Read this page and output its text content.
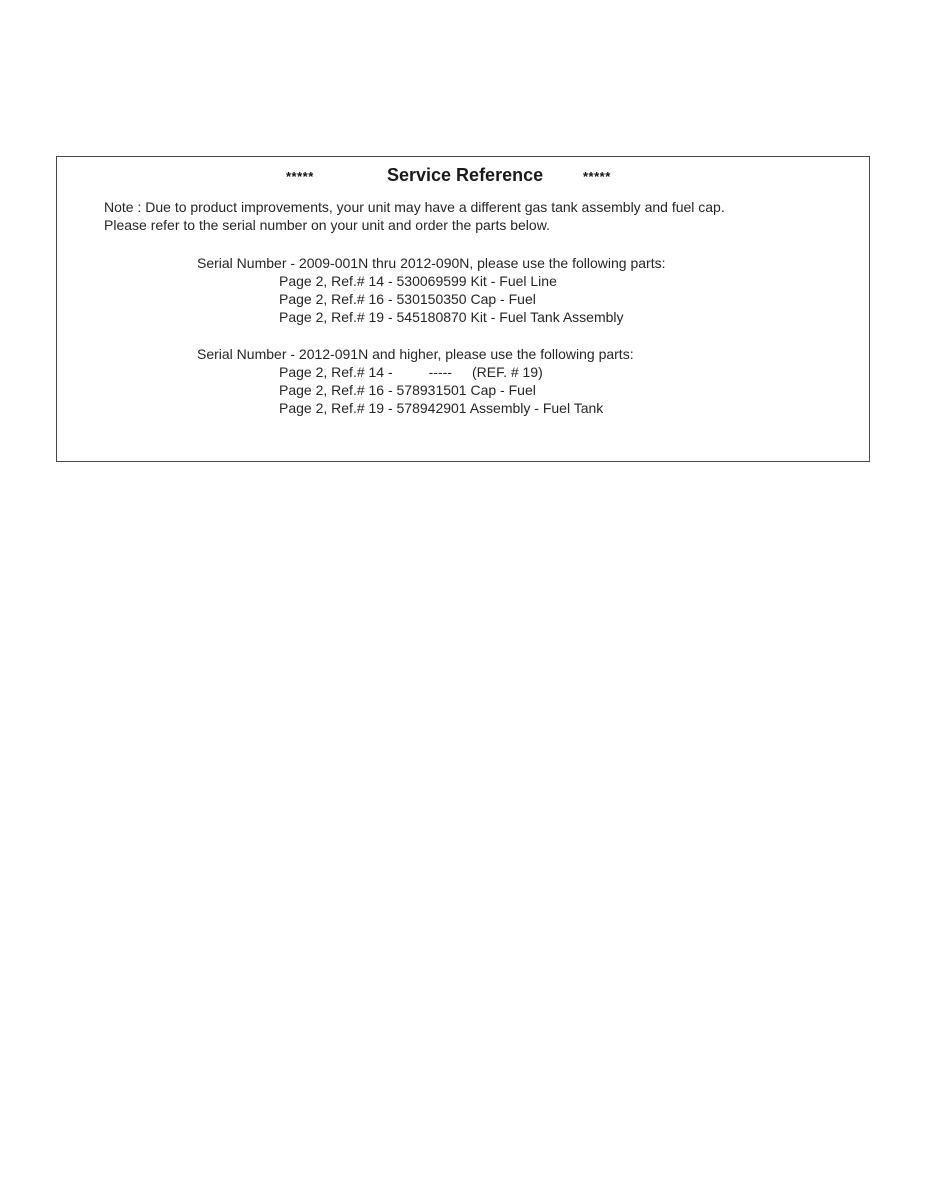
*****	Service Reference	*****
Note : Due to product improvements, your unit may have a different gas tank assembly and fuel cap.
Please refer to the serial number on your unit and order the parts below.
Serial Number - 2009-001N thru 2012-090N, please use the following parts:
Page 2, Ref.# 14 - 530069599 Kit - Fuel Line
Page 2, Ref.# 16 - 530150350 Cap - Fuel
Page 2, Ref.# 19 - 545180870 Kit - Fuel Tank Assembly
Serial Number - 2012-091N and higher, please use the following parts:
Page 2, Ref.# 14 -	----- (REF. # 19)
Page 2, Ref.# 16 - 578931501 Cap - Fuel
Page 2, Ref.# 19 - 578942901 Assembly - Fuel Tank
